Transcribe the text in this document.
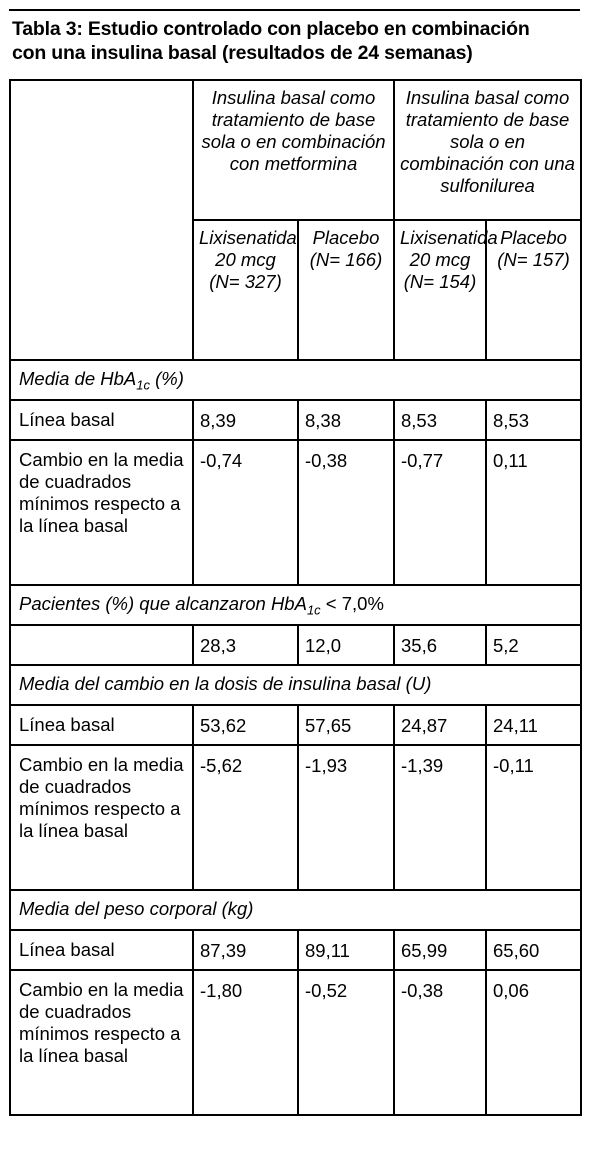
Tabla 3: Estudio controlado con placebo en combinación
con una insulina basal (resultados de 24 semanas)
	Insulina basal como tratamiento de base sola o en combinación con metformina		Insulina basal como tratamiento de base sola o en combinación con una sulfonilurea	
	Lixisenatida 20 mcg (N= 327)	Placebo (N= 166)	Lixisenatida 20 mcg (N= 154)	Placebo (N= 157)
Media de HbA$_{1c}$ (%)				
Línea basal	8,39	8,38	8,53	8,53
Cambio en la media de cuadrados mínimos respecto a la línea basal	-0,74	-0,38	-0,77	0,11
Pacientes (%) que alcanzaron HbA$_{1c}$ < 7,0%				
	28,3	12,0	35,6	5,2
Media del cambio en la dosis de insulina basal (U)				
Línea basal	53,62	57,65	24,87	24,11
Cambio en la media de cuadrados mínimos respecto a la línea basal	-5,62	-1,93	-1,39	-0,11
Media del peso corporal (kg)				
Línea basal	87,39	89,11	65,99	65,60
Cambio en la media de cuadrados mínimos respecto a la línea basal	-1,80	-0,52	-0,38	0,06
